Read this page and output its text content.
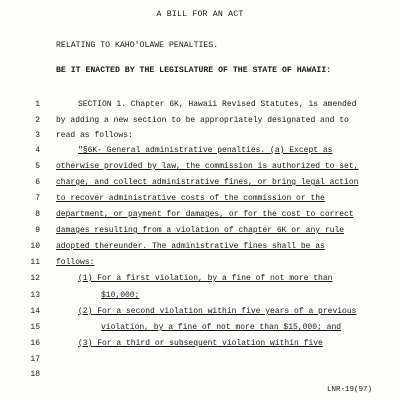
A BILL FOR AN ACT
RELATING TO KAHO'OLAWE PENALTIES.
BE IT ENACTED BY THE LEGISLATURE OF THE STATE OF HAWAII:
1	SECTION 1. Chapter 6K, Hawaii Revised Statutes, is amended
2 by adding a new section to be appropriately designated and to
3 read as follows:
4	"§6K- General administrative penalties. (a) Except as
5 otherwise provided by law, the commission is authorized to set,
6 charge, and collect administrative fines, or bring legal action
7 to recover administrative costs of the commission or the
8 department, or payment for damages, or for the cost to correct
9 damages resulting from a violation of chapter 6K or any rule
10 adopted thereunder. The administrative fines shall be as
11 follows:
12	(1) For a first violation, by a fine of not more than
13	$10,000;
14	(2) For a second violation within five years of a previous
15	violation, by a fine of not more than $15,000; and
16	(3) For a third or subsequent violation within five
17
18
LNR-19(97)
